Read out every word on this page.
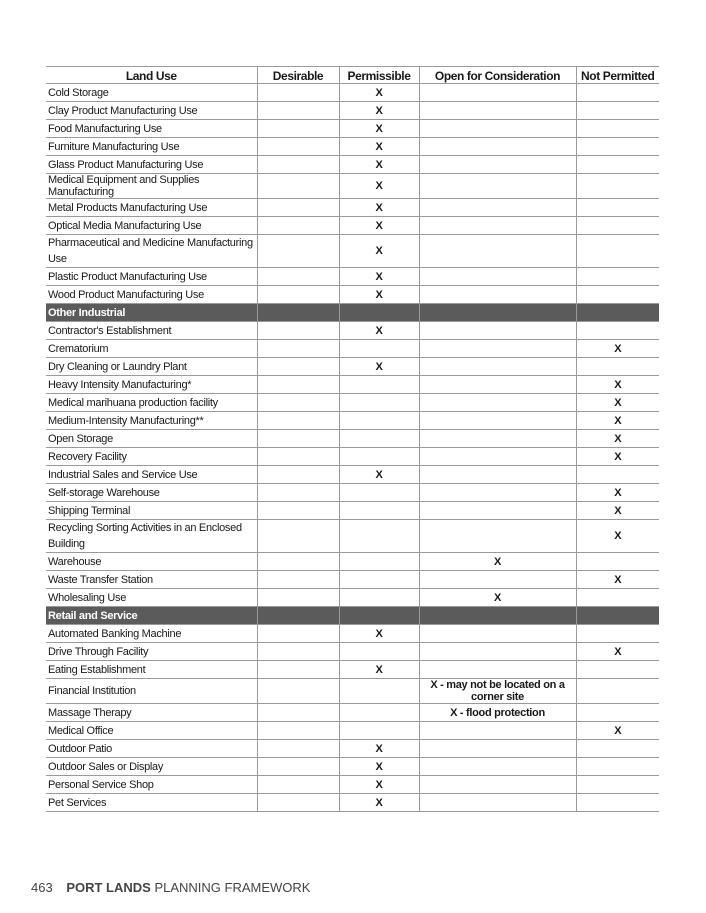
Land Use	Desirable	Permissible	Open for Consideration	Not Permitted
Cold Storage		X		
Clay Product Manufacturing Use		X		
Food Manufacturing Use		X		
Furniture Manufacturing Use		X		
Glass Product Manufacturing Use		X		
Medical Equipment and Supplies Manufacturing		X		
Metal Products Manufacturing Use		X		
Optical Media Manufacturing Use		X		
Pharmaceutical and Medicine Manufacturing Use		X		
Plastic Product Manufacturing Use		X		
Wood Product Manufacturing Use		X		
Other Industrial				
Contractor's Establishment		X		
Crematorium				X
Dry Cleaning or Laundry Plant		X		
Heavy Intensity Manufacturing*				X
Medical marihuana production facility				X
Medium-Intensity Manufacturing**				X
Open Storage				X
Recovery Facility				X
Industrial Sales and Service Use		X		
Self-storage Warehouse				X
Shipping Terminal				X
Recycling Sorting Activities in an Enclosed Building				X
Warehouse			X	
Waste Transfer Station				X
Wholesaling Use			X	
Retail and Service				
Automated Banking Machine		X		
Drive Through Facility				X
Eating Establishment		X		
Financial Institution			X - may not be located on a corner site	
Massage Therapy			X - flood protection	
Medical Office				X
Outdoor Patio		X		
Outdoor Sales or Display		X		
Personal Service Shop		X		
Pet Services		X		
463 PORT LANDS PLANNING FRAMEWORK
